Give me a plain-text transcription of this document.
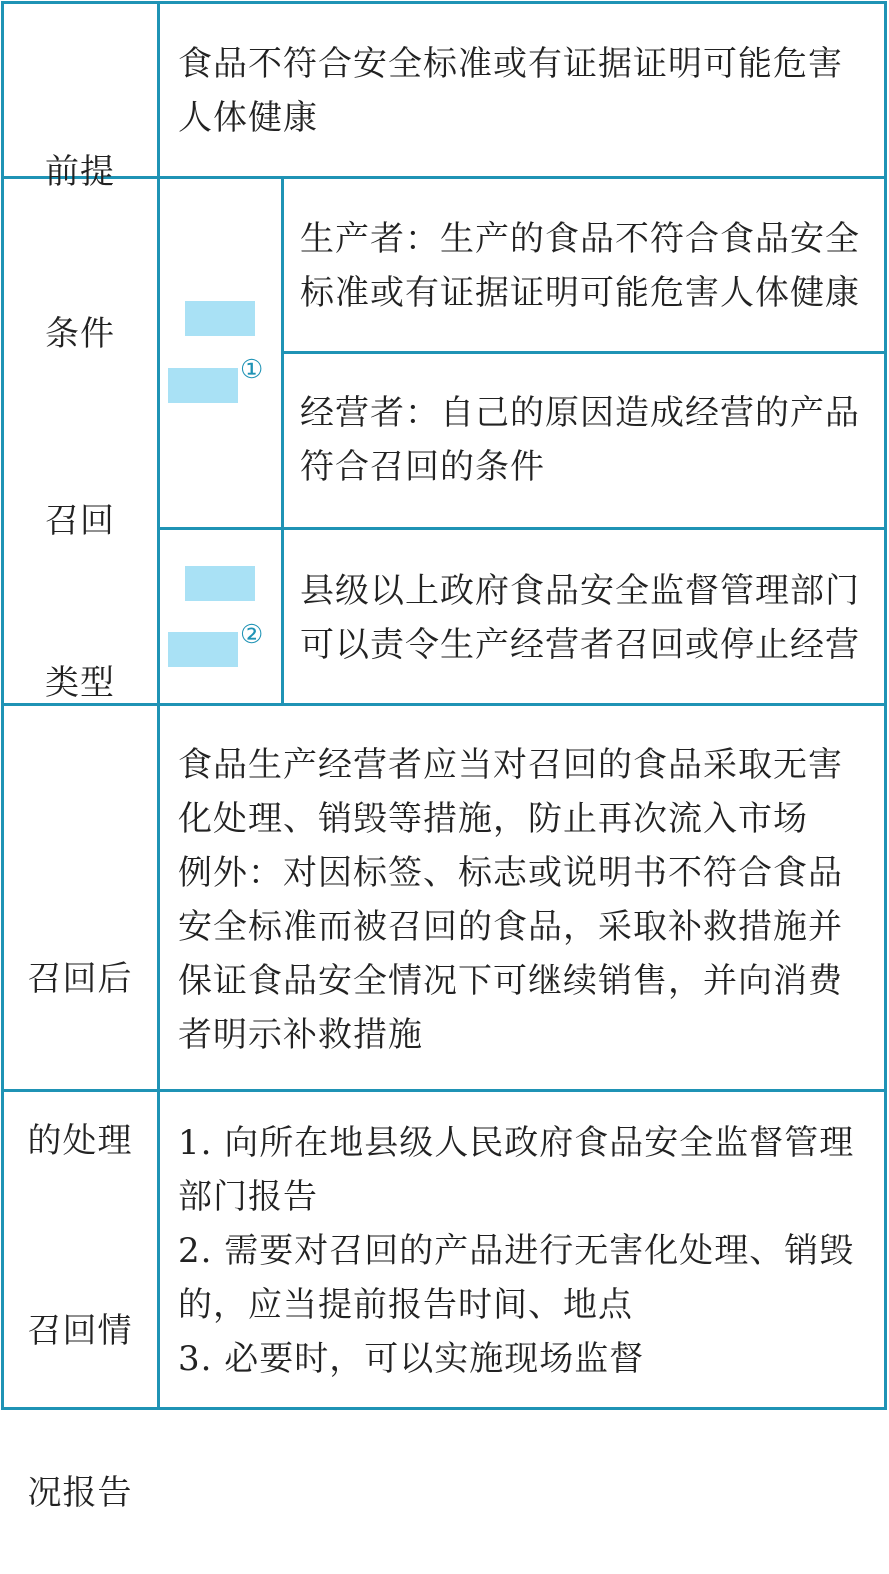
前提

条件

食品不符合安全标准或有证据证明可能危害
人体健康

召回

类型

①
生产者：生产的食品不符合食品安全
标准或有证据证明可能危害人体健康
经营者：自己的原因造成经营的产品
符合召回的条件
②
县级以上政府食品安全监督管理部门
可以责令生产经营者召回或停止经营

召回后

的处理

食品生产经营者应当对召回的食品采取无害
化处理、销毁等措施，防止再次流入市场
例外：对因标签、标志或说明书不符合食品
安全标准而被召回的食品，采取补救措施并
保证食品安全情况下可继续销售，并向消费
者明示补救措施

召回情

况报告

1. 向所在地县级人民政府食品安全监督管理
部门报告
2. 需要对召回的产品进行无害化处理、销毁
的，应当提前报告时间、地点
3. 必要时，可以实施现场监督
